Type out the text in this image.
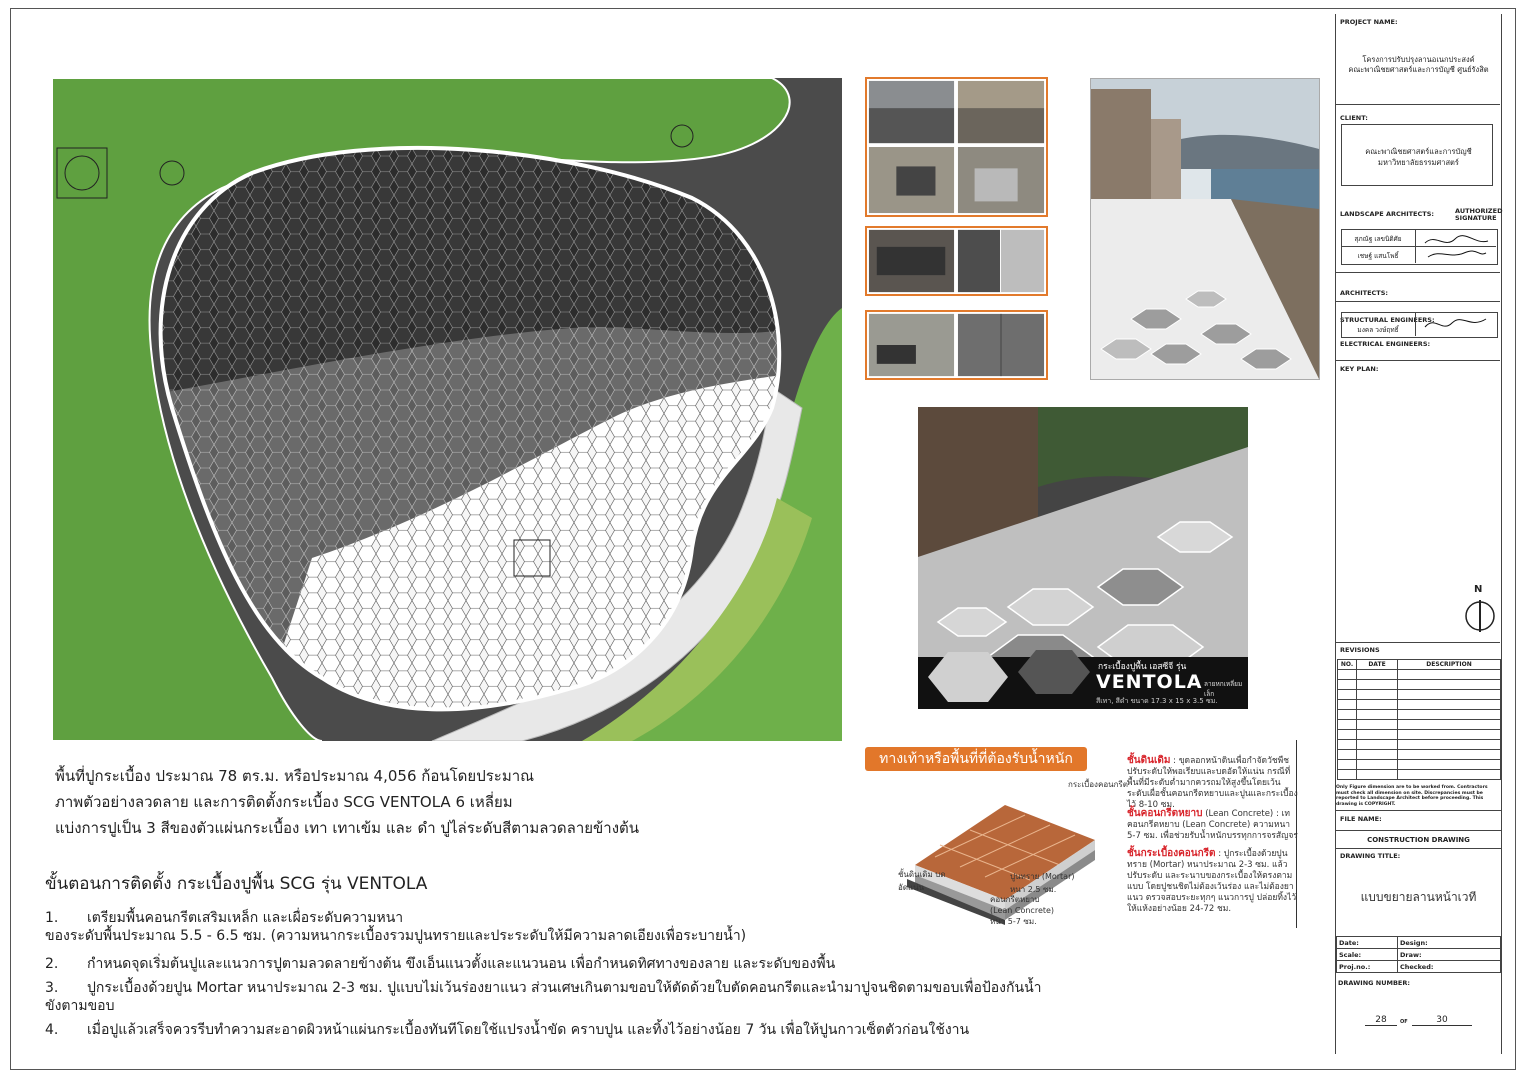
กระเบื้องปูพื้น เอสซีจี รุ่น
VENTOLA ลายหกเหลี่ยมเล็ก
สีเทา, สีดำ ขนาด 17.3 x 15 x 3.5 ซม.
พื้นที่ปูกระเบื้อง ประมาณ 78 ตร.ม. หรือประมาณ 4,056 ก้อนโดยประมาณ
ภาพตัวอย่างลวดลาย และการติดตั้งกระเบื้อง SCG VENTOLA 6 เหลี่ยม
แบ่งการปูเป็น 3 สีของตัวแผ่นกระเบื้อง เทา เทาเข้ม และ ดำ ปูไล่ระดับสีตามลวดลายข้างต้น
ขั้นตอนการติดตั้ง กระเบื้องปูพื้น SCG รุ่น VENTOLA
1. เตรียมพื้นคอนกรีตเสริมเหล็ก และเผื่อระดับความหนา
ของระดับพื้นประมาณ 5.5 - 6.5 ซม. (ความหนากระเบื้องรวมปูนทรายและประระดับให้มีความลาดเอียงเพื่อระบายน้ำ)
2. กำหนดจุดเริ่มต้นปูและแนวการปูตามลวดลายข้างต้น ขึงเอ็นแนวตั้งและแนวนอน เพื่อกำหนดทิศทางของลาย และระดับของพื้น
3. ปูกระเบื้องด้วยปูน Mortar หนาประมาณ 2-3 ซม. ปูแบบไม่เว้นร่องยาแนว ส่วนเศษเกินตามขอบให้ตัดด้วยใบตัดคอนกรีตและนำมาปูจนชิดตามขอบเพื่อป้องกันน้ำ
ขังตามขอบ
4. เมื่อปูแล้วเสร็จควรรีบทำความสะอาดผิวหน้าแผ่นกระเบื้องทันทีโดยใช้แปรงน้ำขัด คราบปูน และทิ้งไว้อย่างน้อย 7 วัน เพื่อให้ปูนกาวเซ็ตตัวก่อนใช้งาน
ทางเท้าหรือพื้นที่ที่ต้องรับน้ำหนัก
กระเบื้องคอนกรีต
ปูนทราย (Mortar) หนา 2.5 ซม.
คอนกรีตหยาบ (Lean Concrete) หนา 5-7 ซม.
ชั้นดินเดิม บดอัดแน่น
ชั้นดินเดิม : ขุดลอกหน้าดินเพื่อกำจัดวัชพืช ปรับระดับให้พอเรียบและบดอัดให้แน่น กรณีที่พื้นที่มีระดับต่ำมากควรถมให้สูงขึ้นโดยเว้นระดับเผื่อชั้นคอนกรีตหยาบและปูนและกระเบื้องไว้ 8-10 ซม.
ชั้นคอนกรีตหยาบ (Lean Concrete) : เทคอนกรีตหยาบ (Lean Concrete) ความหนา 5-7 ซม. เพื่อช่วยรับน้ำหนักบรรทุกการจรสัญจร
ชั้นกระเบื้องคอนกรีต : ปูกระเบื้องด้วยปูนทราย (Mortar) หนาประมาณ 2-3 ซม. แล้วปรับระดับ และระนาบของกระเบื้องให้ตรงตามแบบ โดยปูชนชิดไม่ต้องเว้นร่อง และไม่ต้องยาแนว ตรวจสอบระยะทุกๆ แนวการปู ปล่อยทิ้งไว้ให้แห้งอย่างน้อย 24-72 ชม.
PROJECT NAME:
โครงการปรับปรุงลานอเนกประสงค์
คณะพาณิชยศาสตร์และการบัญชี ศูนย์รังสิต
CLIENT:
คณะพาณิชยศาสตร์และการบัญชี
มหาวิทยาลัยธรรมศาสตร์
LANDSCAPE ARCHITECTS:	AUTHORIZED SIGNATURE
สุภณัฐ เลขนิติศัย
เชษฐ์ แสนโพธิ์
ARCHITECTS:
STRUCTURAL ENGINEERS:
มงคล วงษ์ฤทธิ์
ELECTRICAL ENGINEERS:
KEY PLAN:
N
REVISIONS
NO.	DATE	DESCRIPTION

Only Figure dimension are to be worked from. Contractors must check all dimension on site. Discrepancies must be reported to Landscape Architect before proceeding. This drawing is COPYRIGHT.
FILE NAME:
CONSTRUCTION DRAWING
DRAWING TITLE:
แบบขยายลานหน้าเวที
Date:	Design:
Scale:	Draw:
Proj.no.:	Checked:
DRAWING NUMBER:
28	OF	30
